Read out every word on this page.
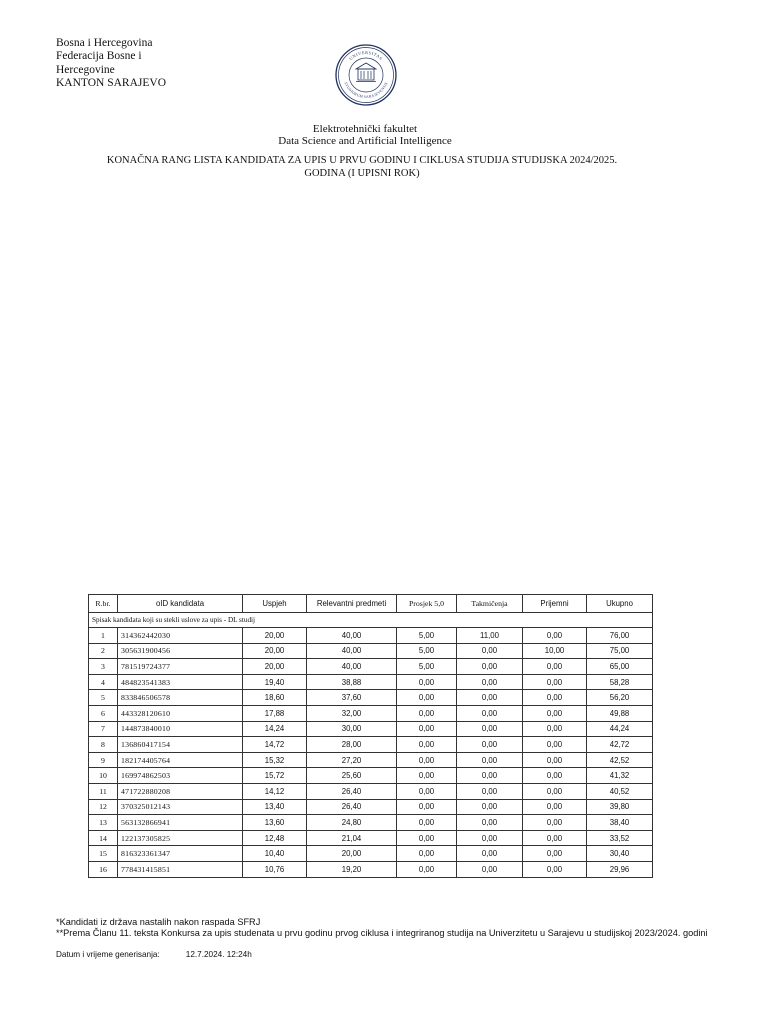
Bosna i Hercegovina
Federacija Bosne i
Hercegovine
KANTON SARAJEVO
UNIVERSITAS
STUDIORUM SARAJEVENSIS
Elektrotehnički fakultet
Data Science and Artificial Intelligence
KONAČNA RANG LISTA KANDIDATA ZA UPIS U PRVU GODINU I CIKLUSA STUDIJA STUDIJSKA 2024/2025.
GODINA (I UPISNI ROK)
R.br.	oID kandidata	Uspjeh	Relevantni predmeti	Prosjek 5,0	Takmičenja	Prijemni	Ukupno
Spisak kandidata koji su stekli uslove za upis - DL studij							
1	314362442030	20,00	40,00	5,00	11,00	0,00	76,00
2	305631900456	20,00	40,00	5,00	0,00	10,00	75,00
3	781519724377	20,00	40,00	5,00	0,00	0,00	65,00
4	484823541383	19,40	38,88	0,00	0,00	0,00	58,28
5	833846506578	18,60	37,60	0,00	0,00	0,00	56,20
6	443328120610	17,88	32,00	0,00	0,00	0,00	49,88
7	144873840010	14,24	30,00	0,00	0,00	0,00	44,24
8	136860417154	14,72	28,00	0,00	0,00	0,00	42,72
9	182174405764	15,32	27,20	0,00	0,00	0,00	42,52
10	169974862503	15,72	25,60	0,00	0,00	0,00	41,32
11	471722880208	14,12	26,40	0,00	0,00	0,00	40,52
12	370325012143	13,40	26,40	0,00	0,00	0,00	39,80
13	563132866941	13,60	24,80	0,00	0,00	0,00	38,40
14	122137305825	12,48	21,04	0,00	0,00	0,00	33,52
15	816323361347	10,40	20,00	0,00	0,00	0,00	30,40
16	778431415851	10,76	19,20	0,00	0,00	0,00	29,96
*Kandidati iz država nastalih nakon raspada SFRJ
**Prema Članu 11. teksta Konkursa za upis studenata u prvu godinu prvog ciklusa i integriranog studija na Univerzitetu u Sarajevu u studijskoj 2023/2024. godini
Datum i vrijeme generisanja:	12.7.2024. 12:24h
